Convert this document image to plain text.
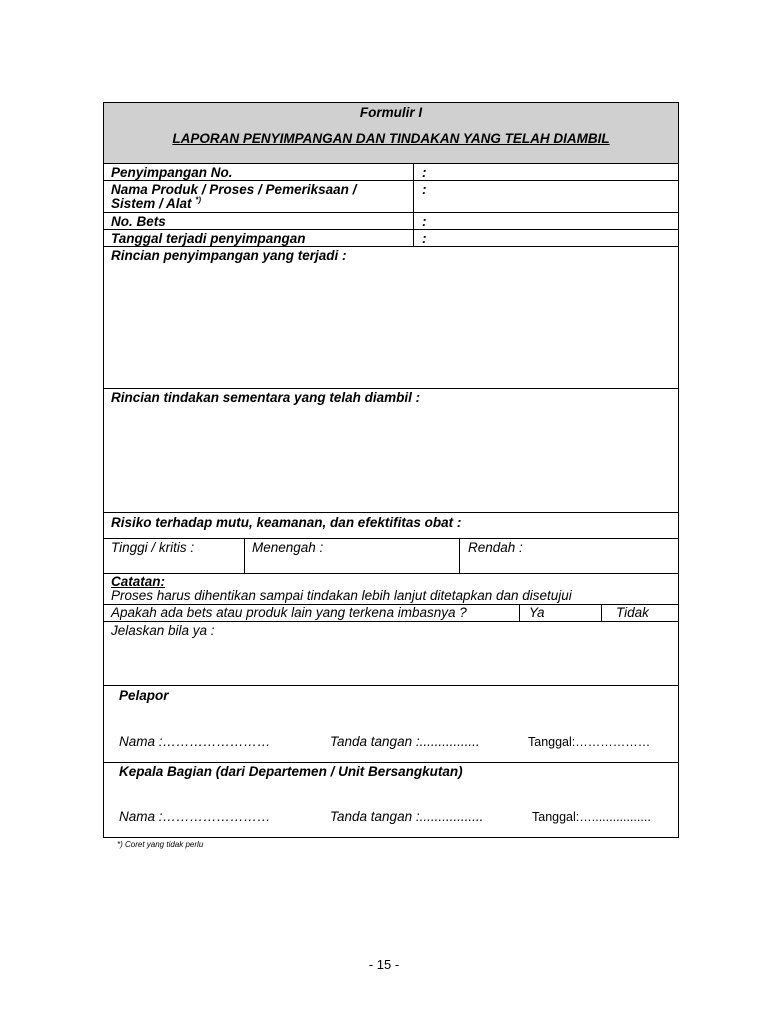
Formulir I
LAPORAN PENYIMPANGAN DAN TINDAKAN YANG TELAH DIAMBIL
Penyimpangan No.	:
Nama Produk / Proses / Pemeriksaan /
Sistem / Alat *)
:
No. Bets	:
Tanggal terjadi penyimpangan	:
Rincian penyimpangan yang terjadi :
Rincian tindakan sementara yang telah diambil :
Risiko terhadap mutu, keamanan, dan efektifitas obat :
Tinggi / kritis :	Menengah :	Rendah :
Catatan:
Proses harus dihentikan sampai tindakan lebih lanjut ditetapkan dan disetujui
Apakah ada bets atau produk lain yang terkena imbasnya ?	Ya	Tidak
Jelaskan bila ya :
Pelapor
Nama :……………………	Tanda tangan :................	Tanggal:………………
Kepala Bagian (dari Departemen / Unit Bersangkutan)
Nama :……………………	Tanda tangan :.................	Tanggal:….................
*) Coret yang tidak perlu
- 15 -
